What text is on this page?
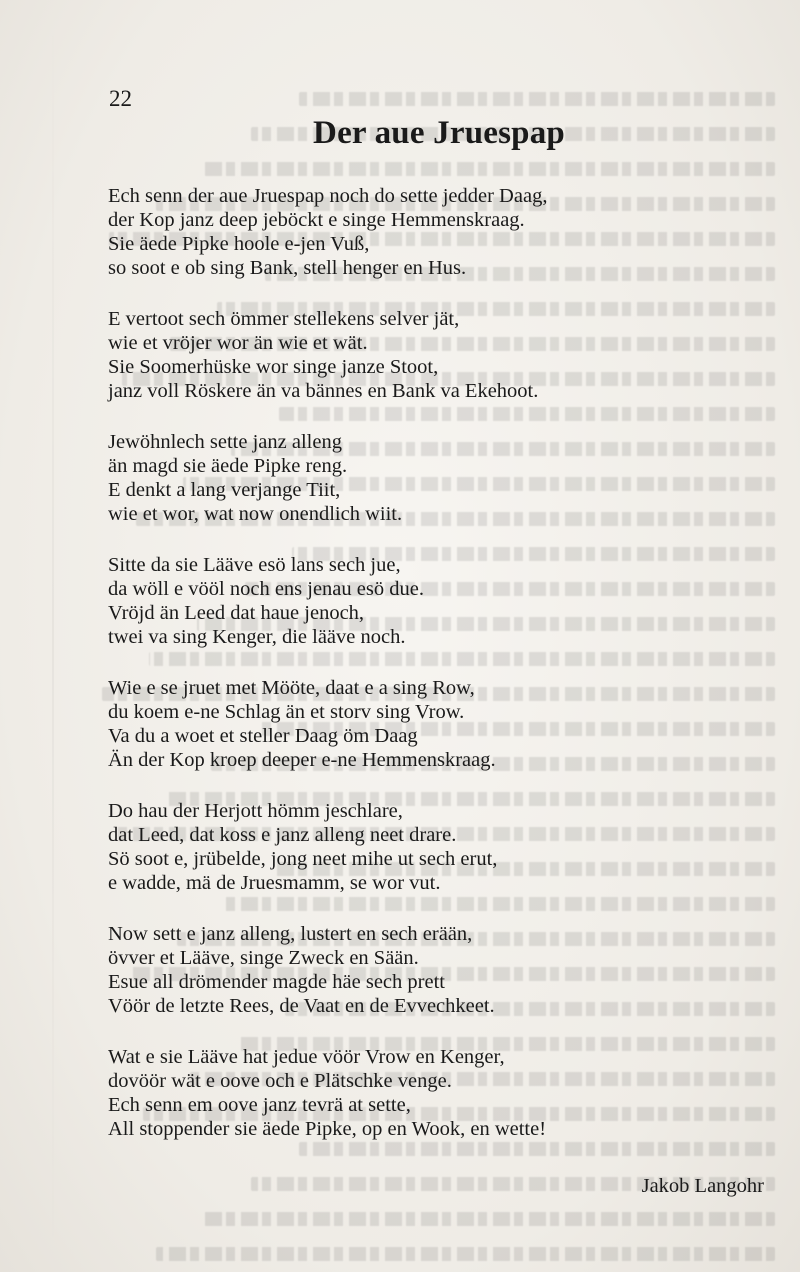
22
Der aue Jruespap
Ech senn der aue Jruespap noch do sette jedder Daag,
der Kop janz deep jeböckt e singe Hemmenskraag.
Sie äede Pipke hoole e-jen Vuß,
so soot e ob sing Bank, stell henger en Hus.
E vertoot sech ömmer stellekens selver jät,
wie et vröjer wor än wie et wät.
Sie Soomerhüske wor singe janze Stoot,
janz voll Röskere än va bännes en Bank va Ekehoot.
Jewöhnlech sette janz alleng
än magd sie äede Pipke reng.
E denkt a lang verjange Tiit,
wie et wor, wat now onendlich wiit.
Sitte da sie Lääve esö lans sech jue,
da wöll e vööl noch ens jenau esö due.
Vröjd än Leed dat haue jenoch,
twei va sing Kenger, die lääve noch.
Wie e se jruet met Mööte, daat e a sing Row,
du koem e-ne Schlag än et storv sing Vrow.
Va du a woet et steller Daag öm Daag
Än der Kop kroep deeper e-ne Hemmenskraag.
Do hau der Herjott hömm jeschlare,
dat Leed, dat koss e janz alleng neet drare.
Sö soot e, jrübelde, jong neet mihe ut sech erut,
e wadde, mä de Jruesmamm, se wor vut.
Now sett e janz alleng, lustert en sech erään,
övver et Lääve, singe Zweck en Sään.
Esue all drömender magde häe sech prett
Vöör de letzte Rees, de Vaat en de Evvechkeet.
Wat e sie Lääve hat jedue vöör Vrow en Kenger,
dovöör wät e oove och e Plätschke venge.
Ech senn em oove janz tevrä at sette,
All stoppender sie äede Pipke, op en Wook, en wette!
Jakob Langohr
